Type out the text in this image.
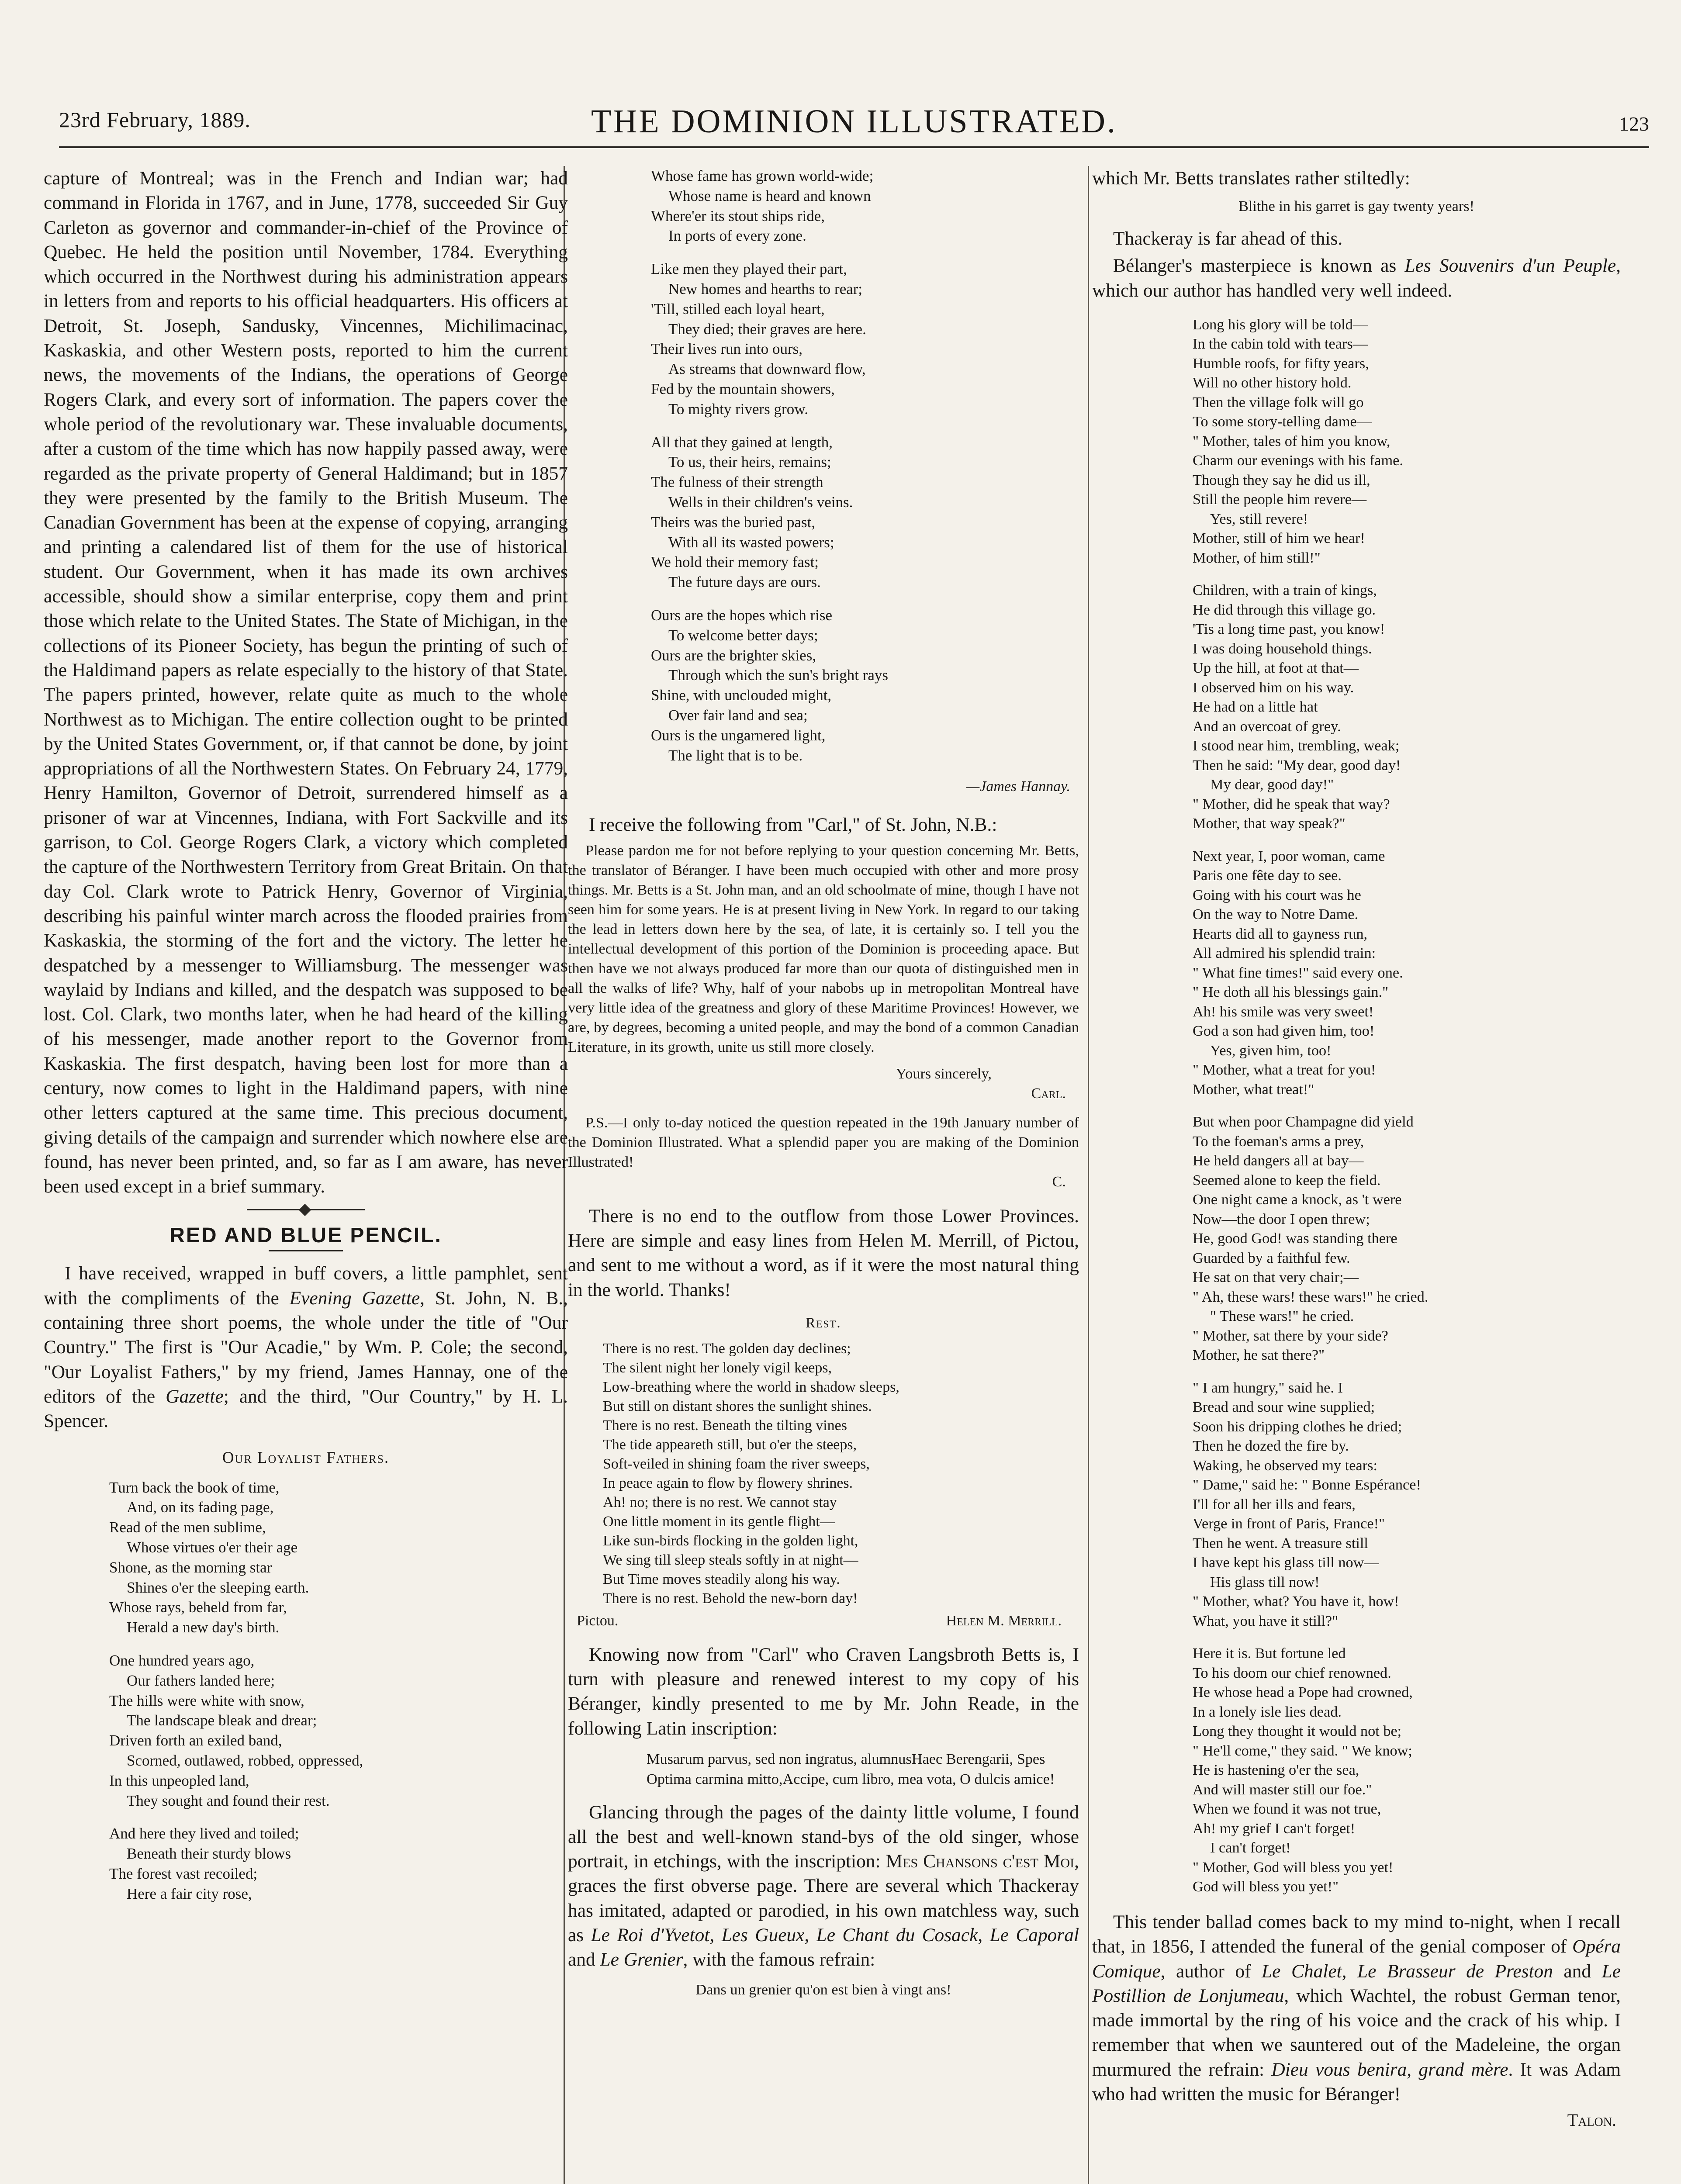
23rd February, 1889.	THE DOMINION ILLUSTRATED.	123

capture of Montreal; was in the French and Indian war; had command in Florida in 1767, and in June, 1778, succeeded Sir Guy Carleton as governor and commander-in-chief of the Province of Quebec. He held the position until November, 1784. Everything which occurred in the Northwest during his administration appears in letters from and reports to his official headquarters. His officers at Detroit, St. Joseph, Sandusky, Vincennes, Michilimacinac, Kaskaskia, and other Western posts, reported to him the current news, the movements of the Indians, the operations of George Rogers Clark, and every sort of information. The papers cover the whole period of the revolutionary war. These invaluable documents, after a custom of the time which has now happily passed away, were regarded as the private property of General Haldimand; but in 1857 they were presented by the family to the British Museum. The Canadian Government has been at the expense of copying, arranging and printing a calendared list of them for the use of historical student. Our Government, when it has made its own archives accessible, should show a similar enterprise, copy them and print those which relate to the United States. The State of Michigan, in the collections of its Pioneer Society, has begun the printing of such of the Haldimand papers as relate especially to the history of that State. The papers printed, however, relate quite as much to the whole Northwest as to Michigan. The entire collection ought to be printed by the United States Government, or, if that cannot be done, by joint appropriations of all the Northwestern States. On February 24, 1779, Henry Hamilton, Governor of Detroit, surrendered himself as a prisoner of war at Vincennes, Indiana, with Fort Sackville and its garrison, to Col. George Rogers Clark, a victory which completed the capture of the Northwestern Territory from Great Britain. On that day Col. Clark wrote to Patrick Henry, Governor of Virginia, describing his painful winter march across the flooded prairies from Kaskaskia, the storming of the fort and the victory. The letter he despatched by a messenger to Williamsburg. The messenger was waylaid by Indians and killed, and the despatch was supposed to be lost. Col. Clark, two months later, when he had heard of the killing of his messenger, made another report to the Governor from Kaskaskia. The first despatch, having been lost for more than a century, now comes to light in the Haldimand papers, with nine other letters captured at the same time. This precious document, giving details of the campaign and surrender which nowhere else are found, has never been printed, and, so far as I am aware, has never been used except in a brief summary.

RED AND BLUE PENCIL.

I have received, wrapped in buff covers, a little pamphlet, sent with the compliments of the Evening Gazette, St. John, N. B., containing three short poems, the whole under the title of "Our Country." The first is "Our Acadie," by Wm. P. Cole; the second, "Our Loyalist Fathers," by my friend, James Hannay, one of the editors of the Gazette; and the third, "Our Country," by H. L. Spencer.

Our Loyalist Fathers.
Turn back the book of time,
And, on its fading page,
Read of the men sublime,
Whose virtues o'er their age
Shone, as the morning star
Shines o'er the sleeping earth.
Whose rays, beheld from far,
Herald a new day's birth.
One hundred years ago,
Our fathers landed here;
The hills were white with snow,
The landscape bleak and drear;
Driven forth an exiled band,
Scorned, outlawed, robbed, oppressed,
In this unpeopled land,
They sought and found their rest.
And here they lived and toiled;
Beneath their sturdy blows
The forest vast recoiled;
Here a fair city rose,
Whose fame has grown world-wide;
Whose name is heard and known
Where'er its stout ships ride,
In ports of every zone.
Like men they played their part,
New homes and hearths to rear;
'Till, stilled each loyal heart,
They died; their graves are here.
Their lives run into ours,
As streams that downward flow,
Fed by the mountain showers,
To mighty rivers grow.
All that they gained at length,
To us, their heirs, remains;
The fulness of their strength
Wells in their children's veins.
Theirs was the buried past,
With all its wasted powers;
We hold their memory fast;
The future days are ours.
Ours are the hopes which rise
To welcome better days;
Ours are the brighter skies,
Through which the sun's bright rays
Shine, with unclouded might,
Over fair land and sea;
Ours is the ungarnered light,
The light that is to be.
—James Hannay.

I receive the following from "Carl," of St. John, N.B.:

Please pardon me for not before replying to your question concerning Mr. Betts, the translator of Béranger. I have been much occupied with other and more prosy things. Mr. Betts is a St. John man, and an old schoolmate of mine, though I have not seen him for some years. He is at present living in New York. In regard to our taking the lead in letters down here by the sea, of late, it is certainly so. I tell you the intellectual development of this portion of the Dominion is proceeding apace. But then have we not always produced far more than our quota of distinguished men in all the walks of life? Why, half of your nabobs up in metropolitan Montreal have very little idea of the greatness and glory of these Maritime Provinces! However, we are, by degrees, becoming a united people, and may the bond of a common Canadian Literature, in its growth, unite us still more closely.

Yours sincerely,
Carl.

P.S.—I only to-day noticed the question repeated in the 19th January number of the Dominion Illustrated. What a splendid paper you are making of the Dominion Illustrated!

C.

There is no end to the outflow from those Lower Provinces. Here are simple and easy lines from Helen M. Merrill, of Pictou, and sent to me without a word, as if it were the most natural thing in the world. Thanks!

Rest.
There is no rest. The golden day declines;
The silent night her lonely vigil keeps,
Low-breathing where the world in shadow sleeps,
But still on distant shores the sunlight shines.
There is no rest. Beneath the tilting vines
The tide appeareth still, but o'er the steeps,
Soft-veiled in shining foam the river sweeps,
In peace again to flow by flowery shrines.
Ah! no; there is no rest. We cannot stay
One little moment in its gentle flight—
Like sun-birds flocking in the golden light,
We sing till sleep steals softly in at night—
But Time moves steadily along his way.
There is no rest. Behold the new-born day!
Pictou.	Helen M. Merrill.

Knowing now from "Carl" who Craven Langsbroth Betts is, I turn with pleasure and renewed interest to my copy of his Béranger, kindly presented to me by Mr. John Reade, in the following Latin inscription:

Musarum parvus, sed non ingratus, alumnusHaec Berengarii, Spes Optima carmina mitto,Accipe, cum libro, mea vota, O dulcis amice!

Glancing through the pages of the dainty little volume, I found all the best and well-known stand-bys of the old singer, whose portrait, in etchings, with the inscription: Mes Chansons c'est Moi, graces the first obverse page. There are several which Thackeray has imitated, adapted or parodied, in his own matchless way, such as Le Roi d'Yvetot, Les Gueux, Le Chant du Cosack, Le Caporal and Le Grenier, with the famous refrain:

Dans un grenier qu'on est bien à vingt ans!

which Mr. Betts translates rather stiltedly:

Blithe in his garret is gay twenty years!

Thackeray is far ahead of this.

Bélanger's masterpiece is known as Les Souvenirs d'un Peuple, which our author has handled very well indeed.

Long his glory will be told—
In the cabin told with tears—
Humble roofs, for fifty years,
Will no other history hold.
Then the village folk will go
To some story-telling dame—
" Mother, tales of him you know,
Charm our evenings with his fame.
Though they say he did us ill,
Still the people him revere—
Yes, still revere!
Mother, still of him we hear!
Mother, of him still!"
Children, with a train of kings,
He did through this village go.
'Tis a long time past, you know!
I was doing household things.
Up the hill, at foot at that—
I observed him on his way.
He had on a little hat
And an overcoat of grey.
I stood near him, trembling, weak;
Then he said: "My dear, good day!
My dear, good day!"
" Mother, did he speak that way?
Mother, that way speak?"
Next year, I, poor woman, came
Paris one fête day to see.
Going with his court was he
On the way to Notre Dame.
Hearts did all to gayness run,
All admired his splendid train:
" What fine times!" said every one.
" He doth all his blessings gain."
Ah! his smile was very sweet!
God a son had given him, too!
Yes, given him, too!
" Mother, what a treat for you!
Mother, what treat!"
But when poor Champagne did yield
To the foeman's arms a prey,
He held dangers all at bay—
Seemed alone to keep the field.
One night came a knock, as 't were
Now—the door I open threw;
He, good God! was standing there
Guarded by a faithful few.
He sat on that very chair;—
" Ah, these wars! these wars!" he cried.
" These wars!" he cried.
" Mother, sat there by your side?
Mother, he sat there?"
" I am hungry," said he. I
Bread and sour wine supplied;
Soon his dripping clothes he dried;
Then he dozed the fire by.
Waking, he observed my tears:
" Dame," said he: " Bonne Espérance!
I'll for all her ills and fears,
Verge in front of Paris, France!"
Then he went. A treasure still
I have kept his glass till now—
His glass till now!
" Mother, what? You have it, how!
What, you have it still?"
Here it is. But fortune led
To his doom our chief renowned.
He whose head a Pope had crowned,
In a lonely isle lies dead.
Long they thought it would not be;
" He'll come," they said. " We know;
He is hastening o'er the sea,
And will master still our foe."
When we found it was not true,
Ah! my grief I can't forget!
I can't forget!
" Mother, God will bless you yet!
God will bless you yet!"

This tender ballad comes back to my mind to-night, when I recall that, in 1856, I attended the funeral of the genial composer of Opéra Comique, author of Le Chalet, Le Brasseur de Preston and Le Postillion de Lonjumeau, which Wachtel, the robust German tenor, made immortal by the ring of his voice and the crack of his whip. I remember that when we sauntered out of the Madeleine, the organ murmured the refrain: Dieu vous benira, grand mère. It was Adam who had written the music for Béranger!

Talon.
